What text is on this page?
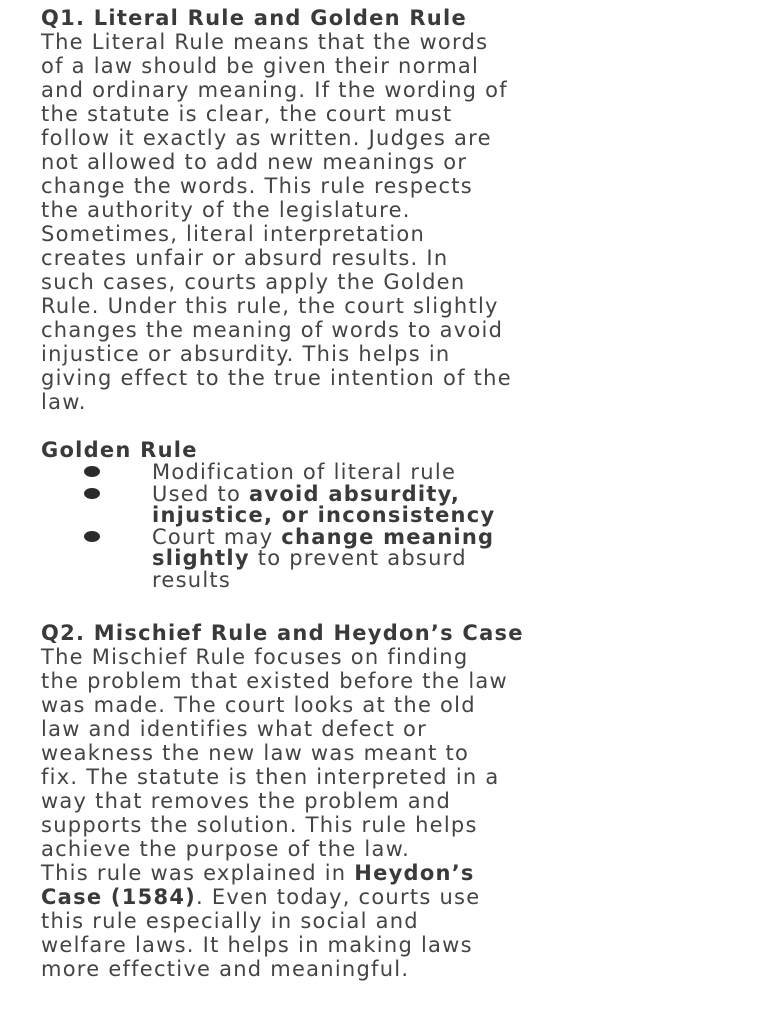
Q1. Literal Rule and Golden Rule
The Literal Rule means that the words
of a law should be given their normal
and ordinary meaning. If the wording of
the statute is clear, the court must
follow it exactly as written. Judges are
not allowed to add new meanings or
change the words. This rule respects
the authority of the legislature.
Sometimes, literal interpretation
creates unfair or absurd results. In
such cases, courts apply the Golden
Rule. Under this rule, the court slightly
changes the meaning of words to avoid
injustice or absurdity. This helps in
giving effect to the true intention of the
law.
Golden Rule
Modification of literal rule
Used to avoid absurdity,
injustice, or inconsistency
Court may change meaning
slightly to prevent absurd
results
Q2. Mischief Rule and Heydon’s Case
The Mischief Rule focuses on finding
the problem that existed before the law
was made. The court looks at the old
law and identifies what defect or
weakness the new law was meant to
fix. The statute is then interpreted in a
way that removes the problem and
supports the solution. This rule helps
achieve the purpose of the law.
This rule was explained in Heydon’s
Case (1584). Even today, courts use
this rule especially in social and
welfare laws. It helps in making laws
more effective and meaningful.
